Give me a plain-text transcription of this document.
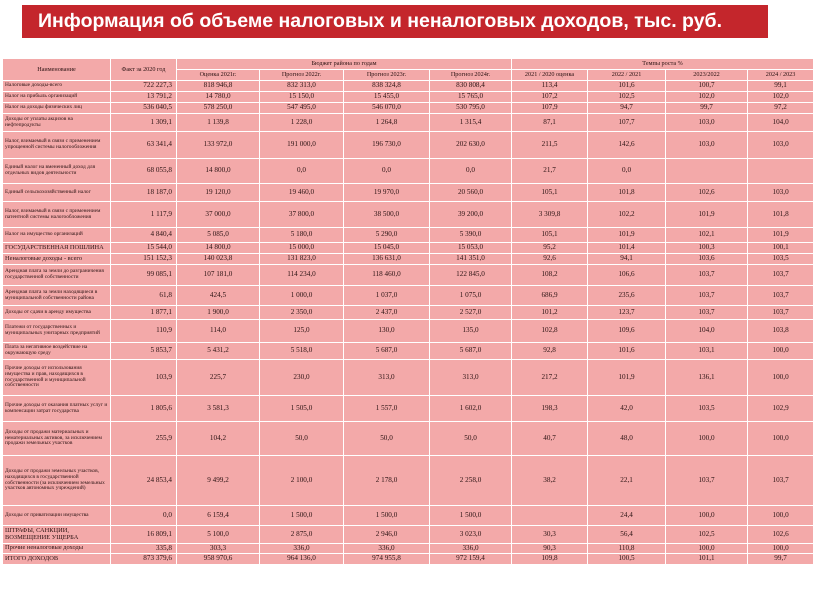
Информация об объеме налоговых и неналоговых доходов, тыс. руб.
Наименование	Факт за 2020 год	Бюджет района по годам				Темпы роста %			
		Оценка 2021г.	Прогноз 2022г.	Прогноз 2023г.	Прогноз 2024г.	2021 / 2020 оценка	2022 / 2021	2023/2022	2024 / 2023
Налоговые доходы-всего	722 227,3	818 946,8	832 313,0	838 324,8	830 808,4	113,4	101,6	100,7	99,1
Налог на прибыль организаций	13 791,2	14 780,0	15 150,0	15 455,0	15 765,0	107,2	102,5	102,0	102,0
Налог на доходы физических лиц	536 040,5	578 250,0	547 495,0	546 070,0	530 795,0	107,9	94,7	99,7	97,2
Доходы от уплаты акцизов на нефтепродукты	1 309,1	1 139,8	1 228,0	1 264,8	1 315,4	87,1	107,7	103,0	104,0
Налог, взимаемый в связи с применением упрощенной системы налогообложения	63 341,4	133 972,0	191 000,0	196 730,0	202 630,0	211,5	142,6	103,0	103,0
Единый налог на вмененный доход для отдельных видов деятельности	68 055,8	14 800,0	0,0	0,0	0,0	21,7	0,0		
Единый сельскохозяйственный налог	18 187,0	19 120,0	19 460,0	19 970,0	20 560,0	105,1	101,8	102,6	103,0
Налог, взимаемый в связи с применением патентной системы налогообложения	1 117,9	37 000,0	37 800,0	38 500,0	39 200,0	3 309,8	102,2	101,9	101,8
Налог на имущество организаций	4 840,4	5 085,0	5 180,0	5 290,0	5 390,0	105,1	101,9	102,1	101,9
ГОСУДАРСТВЕННАЯ ПОШЛИНА	15 544,0	14 800,0	15 000,0	15 045,0	15 053,0	95,2	101,4	100,3	100,1
Неналоговые доходы - всего	151 152,3	140 023,8	131 823,0	136 631,0	141 351,0	92,6	94,1	103,6	103,5
Арендная плата за земли до разграничения государственной собственности	99 085,1	107 181,0	114 234,0	118 460,0	122 845,0	108,2	106,6	103,7	103,7
Арендная плата за земли находящиеся в муниципальной собственности района	61,8	424,5	1 000,0	1 037,0	1 075,0	686,9	235,6	103,7	103,7
Доходы от сдачи в аренду имущества	1 877,1	1 900,0	2 350,0	2 437,0	2 527,0	101,2	123,7	103,7	103,7
Платежи от государственных и муниципальных унитарных предприятий	110,9	114,0	125,0	130,0	135,0	102,8	109,6	104,0	103,8
Плата за негативное воздействие на окружающую среду	5 853,7	5 431,2	5 518,0	5 687,0	5 687,0	92,8	101,6	103,1	100,0
Прочие доходы от использования имущества и прав, находящихся в государственной и муниципальной собственности	103,9	225,7	230,0	313,0	313,0	217,2	101,9	136,1	100,0
Прочие доходы от оказания платных услуг и компенсации затрат государства	1 805,6	3 581,3	1 505,0	1 557,0	1 602,0	198,3	42,0	103,5	102,9
Доходы от продажи материальных и нематериальных активов, за исключением продажи земельных участков	255,9	104,2	50,0	50,0	50,0	40,7	48,0	100,0	100,0
Доходы от продажи земельных участков, находящихся в государственной собственности (за исключением земельных участков автономных учреждений)	24 853,4	9 499,2	2 100,0	2 178,0	2 258,0	38,2	22,1	103,7	103,7
Доходы от приватизации имущества	0,0	6 159,4	1 500,0	1 500,0	1 500,0		24,4	100,0	100,0
ШТРАФЫ, САНКЦИИ, ВОЗМЕЩЕНИЕ УЩЕРБА	16 809,1	5 100,0	2 875,0	2 946,0	3 023,0	30,3	56,4	102,5	102,6
Прочие неналоговые доходы	335,8	303,3	336,0	336,0	336,0	90,3	110,8	100,0	100,0
ИТОГО ДОХОДОВ	873 379,6	958 970,6	964 136,0	974 955,8	972 159,4	109,8	100,5	101,1	99,7
